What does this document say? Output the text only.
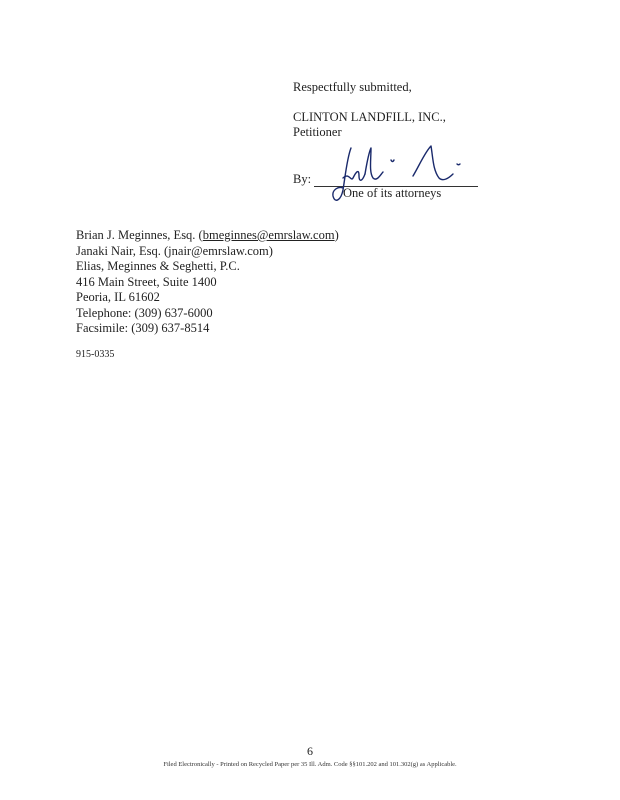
Respectfully submitted,
CLINTON LANDFILL, INC.,
Petitioner
By:
One of its attorneys
Brian J. Meginnes, Esq. (bmeginnes@emrslaw.com)
Janaki Nair, Esq. (jnair@emrslaw.com)
Elias, Meginnes & Seghetti, P.C.
416 Main Street, Suite 1400
Peoria, IL 61602
Telephone: (309) 637-6000
Facsimile: (309) 637-8514
915-0335
6
Filed Electronically - Printed on Recycled Paper per 35 Ill. Adm. Code §§101.202 and 101.302(g) as Applicable.
